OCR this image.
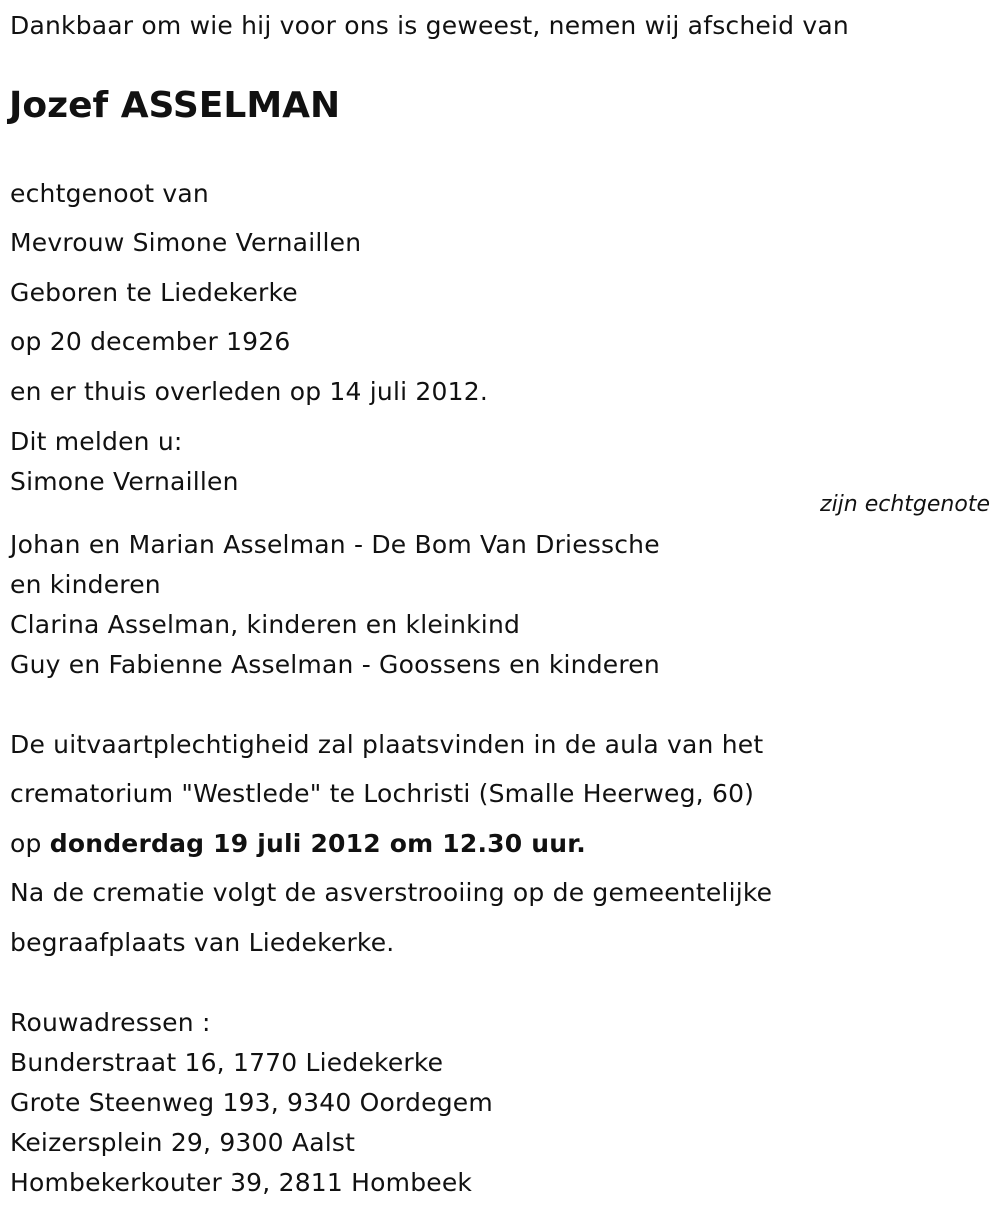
Dankbaar om wie hij voor ons is geweest, nemen wij afscheid van
Jozef ASSELMAN
echtgenoot van
Mevrouw Simone Vernaillen
Geboren te Liedekerke
op 20 december 1926
en er thuis overleden op 14 juli 2012.
Dit melden u:
Simone Vernaillen
zijn echtgenote
Johan en Marian Asselman - De Bom Van Driessche
en kinderen
Clarina Asselman, kinderen en kleinkind
Guy en Fabienne Asselman - Goossens en kinderen
De uitvaartplechtigheid zal plaatsvinden in de aula van het
crematorium "Westlede" te Lochristi (Smalle Heerweg, 60)
op donderdag 19 juli 2012 om 12.30 uur.
Na de crematie volgt de asverstrooiing op de gemeentelijke
begraafplaats van Liedekerke.
Rouwadressen :
Bunderstraat 16, 1770 Liedekerke
Grote Steenweg 193, 9340 Oordegem
Keizersplein 29, 9300 Aalst
Hombekerkouter 39, 2811 Hombeek
